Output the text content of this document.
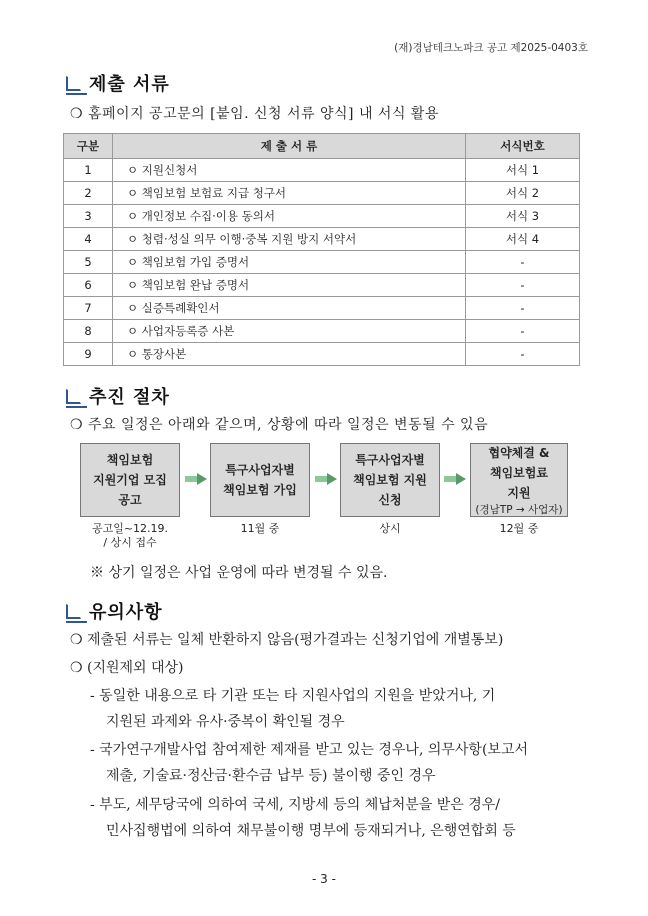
(재)경남테크노파크 공고 제2025-0403호
제출 서류
❍ 홈페이지 공고문의 [붙임. 신청 서류 양식] 내 서식 활용
구분	제 출 서 류	서식번호
1	ㅇ 지원신청서	서식 1
2	ㅇ 책임보험 보험료 지급 청구서	서식 2
3	ㅇ 개인정보 수집·이용 동의서	서식 3
4	ㅇ 청렴·성실 의무 이행·중복 지원 방지 서약서	서식 4
5	ㅇ 책임보험 가입 증명서	-
6	ㅇ 책임보험 완납 증명서	-
7	ㅇ 실증특례확인서	-
8	ㅇ 사업자등록증 사본	-
9	ㅇ 통장사본	-
추진 절차
❍ 주요 일정은 아래와 같으며, 상황에 따라 일정은 변동될 수 있음
책임보험
지원기업 모집
공고
특구사업자별
책임보험 가입
특구사업자별
책임보험 지원
신청
협약체결 &
책임보험료
지원
(경남TP → 사업자)
공고일~12.19.
/ 상시 접수
11월 중	상시	12월 중
※ 상기 일정은 사업 운영에 따라 변경될 수 있음.
유의사항
❍ 제출된 서류는 일체 반환하지 않음(평가결과는 신청기업에 개별통보)
❍ (지원제외 대상)
- 동일한 내용으로 타 기관 또는 타 지원사업의 지원을 받았거나, 기
지원된 과제와 유사·중복이 확인될 경우
- 국가연구개발사업 참여제한 제재를 받고 있는 경우나, 의무사항(보고서
제출, 기술료·정산금·환수금 납부 등) 불이행 중인 경우
- 부도, 세무당국에 의하여 국세, 지방세 등의 체납처분을 받은 경우/
민사집행법에 의하여 채무불이행 명부에 등재되거나, 은행연합회 등
- 3 -
